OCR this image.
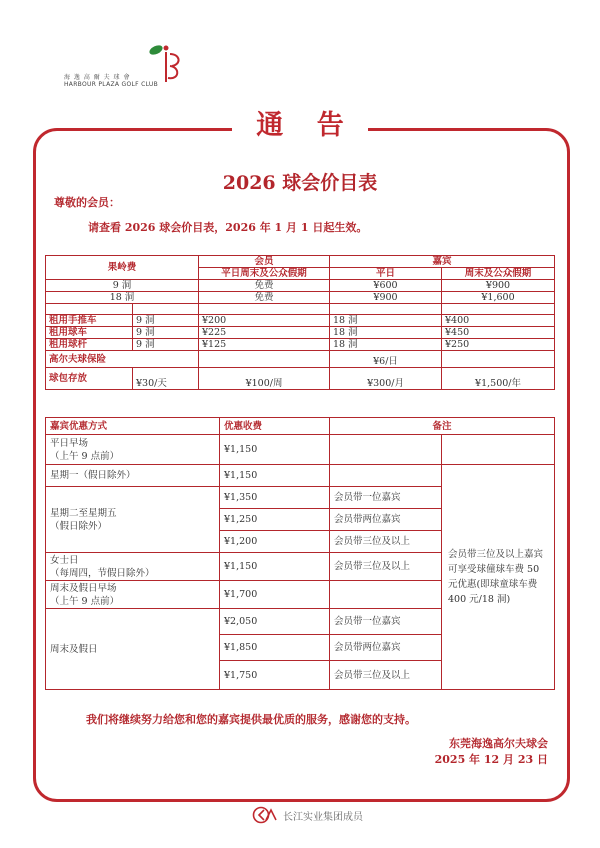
海 逸 高 爾 夫 球 會
HARBOUR PLAZA GOLF CLUB
通 告
2026 球会价目表
尊敬的会员：
请查看 2026 球会价目表，2026 年 1 月 1 日起生效。
果岭费		会员	嘉宾	
		平日周末及公众假期	平日	周末及公众假期
9 洞		免费	¥600	¥900
18 洞		免费	¥900	¥1,600

租用手推车	9 洞	¥200	18 洞	¥400
租用球车	9 洞	¥225	18 洞	¥450
租用球杆	9 洞	¥125	18 洞	¥250
高尔夫球保险			¥6/日	
球包存放	¥30/天	¥100/周	¥300/月	¥1,500/年
嘉宾优惠方式	优惠收费	备注	

平日早场
（上午 9 点前）	¥1,150		
星期一（假日除外）	¥1,150		会员带三位及以上嘉宾可享受球僮球车费 50 元优惠(即球童球车费 400 元/18 洞)

星期二至星期五
（假日除外）	¥1,350	会员带一位嘉宾	
	¥1,250	会员带两位嘉宾	
	¥1,200	会员带三位及以上	

女士日
（每周四，节假日除外）	¥1,150	会员带三位及以上	

周末及假日早场
（上午 9 点前）	¥1,700		
周末及假日	¥2,050	会员带一位嘉宾	
	¥1,850	会员带两位嘉宾	
	¥1,750	会员带三位及以上	
我们将继续努力给您和您的嘉宾提供最优质的服务，感谢您的支持。
东莞海逸高尔夫球会
2025 年 12 月 23 日
长江实业集团成员
